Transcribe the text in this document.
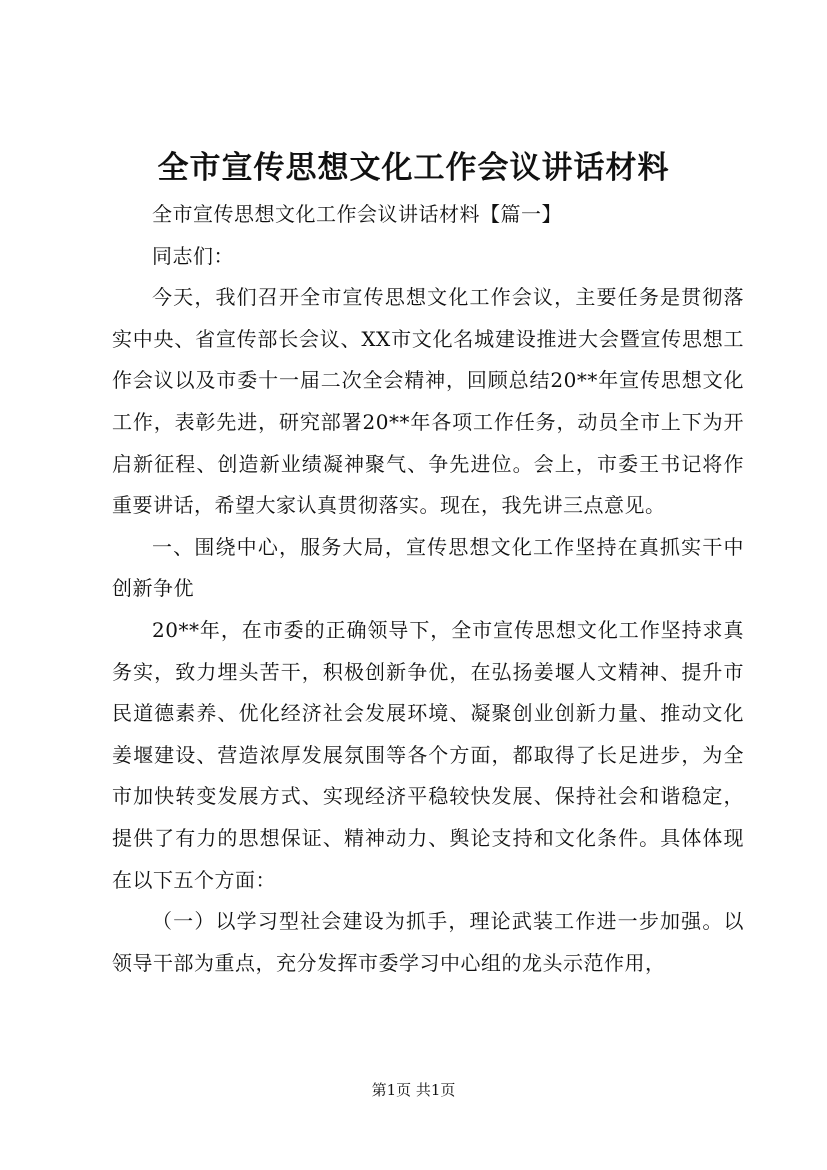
全市宣传思想文化工作会议讲话材料

全市宣传思想文化工作会议讲话材料【篇一】

同志们：

今天，我们召开全市宣传思想文化工作会议，主要任务是贯彻落实中央、省宣传部长会议、XX市文化名城建设推进大会暨宣传思想工作会议以及市委十一届二次全会精神，回顾总结20**年宣传思想文化工作，表彰先进，研究部署20**年各项工作任务，动员全市上下为开启新征程、创造新业绩凝神聚气、争先进位。会上，市委王书记将作重要讲话，希望大家认真贯彻落实。现在，我先讲三点意见。

一、围绕中心，服务大局，宣传思想文化工作坚持在真抓实干中创新争优

20**年，在市委的正确领导下，全市宣传思想文化工作坚持求真务实，致力埋头苦干，积极创新争优，在弘扬姜堰人文精神、提升市民道德素养、优化经济社会发展环境、凝聚创业创新力量、推动文化姜堰建设、营造浓厚发展氛围等各个方面，都取得了长足进步，为全市加快转变发展方式、实现经济平稳较快发展、保持社会和谐稳定，提供了有力的思想保证、精神动力、舆论支持和文化条件。具体体现在以下五个方面：

（一）以学习型社会建设为抓手，理论武装工作进一步加强。以领导干部为重点，充分发挥市委学习中心组的龙头示范作用，

第1页 共1页
